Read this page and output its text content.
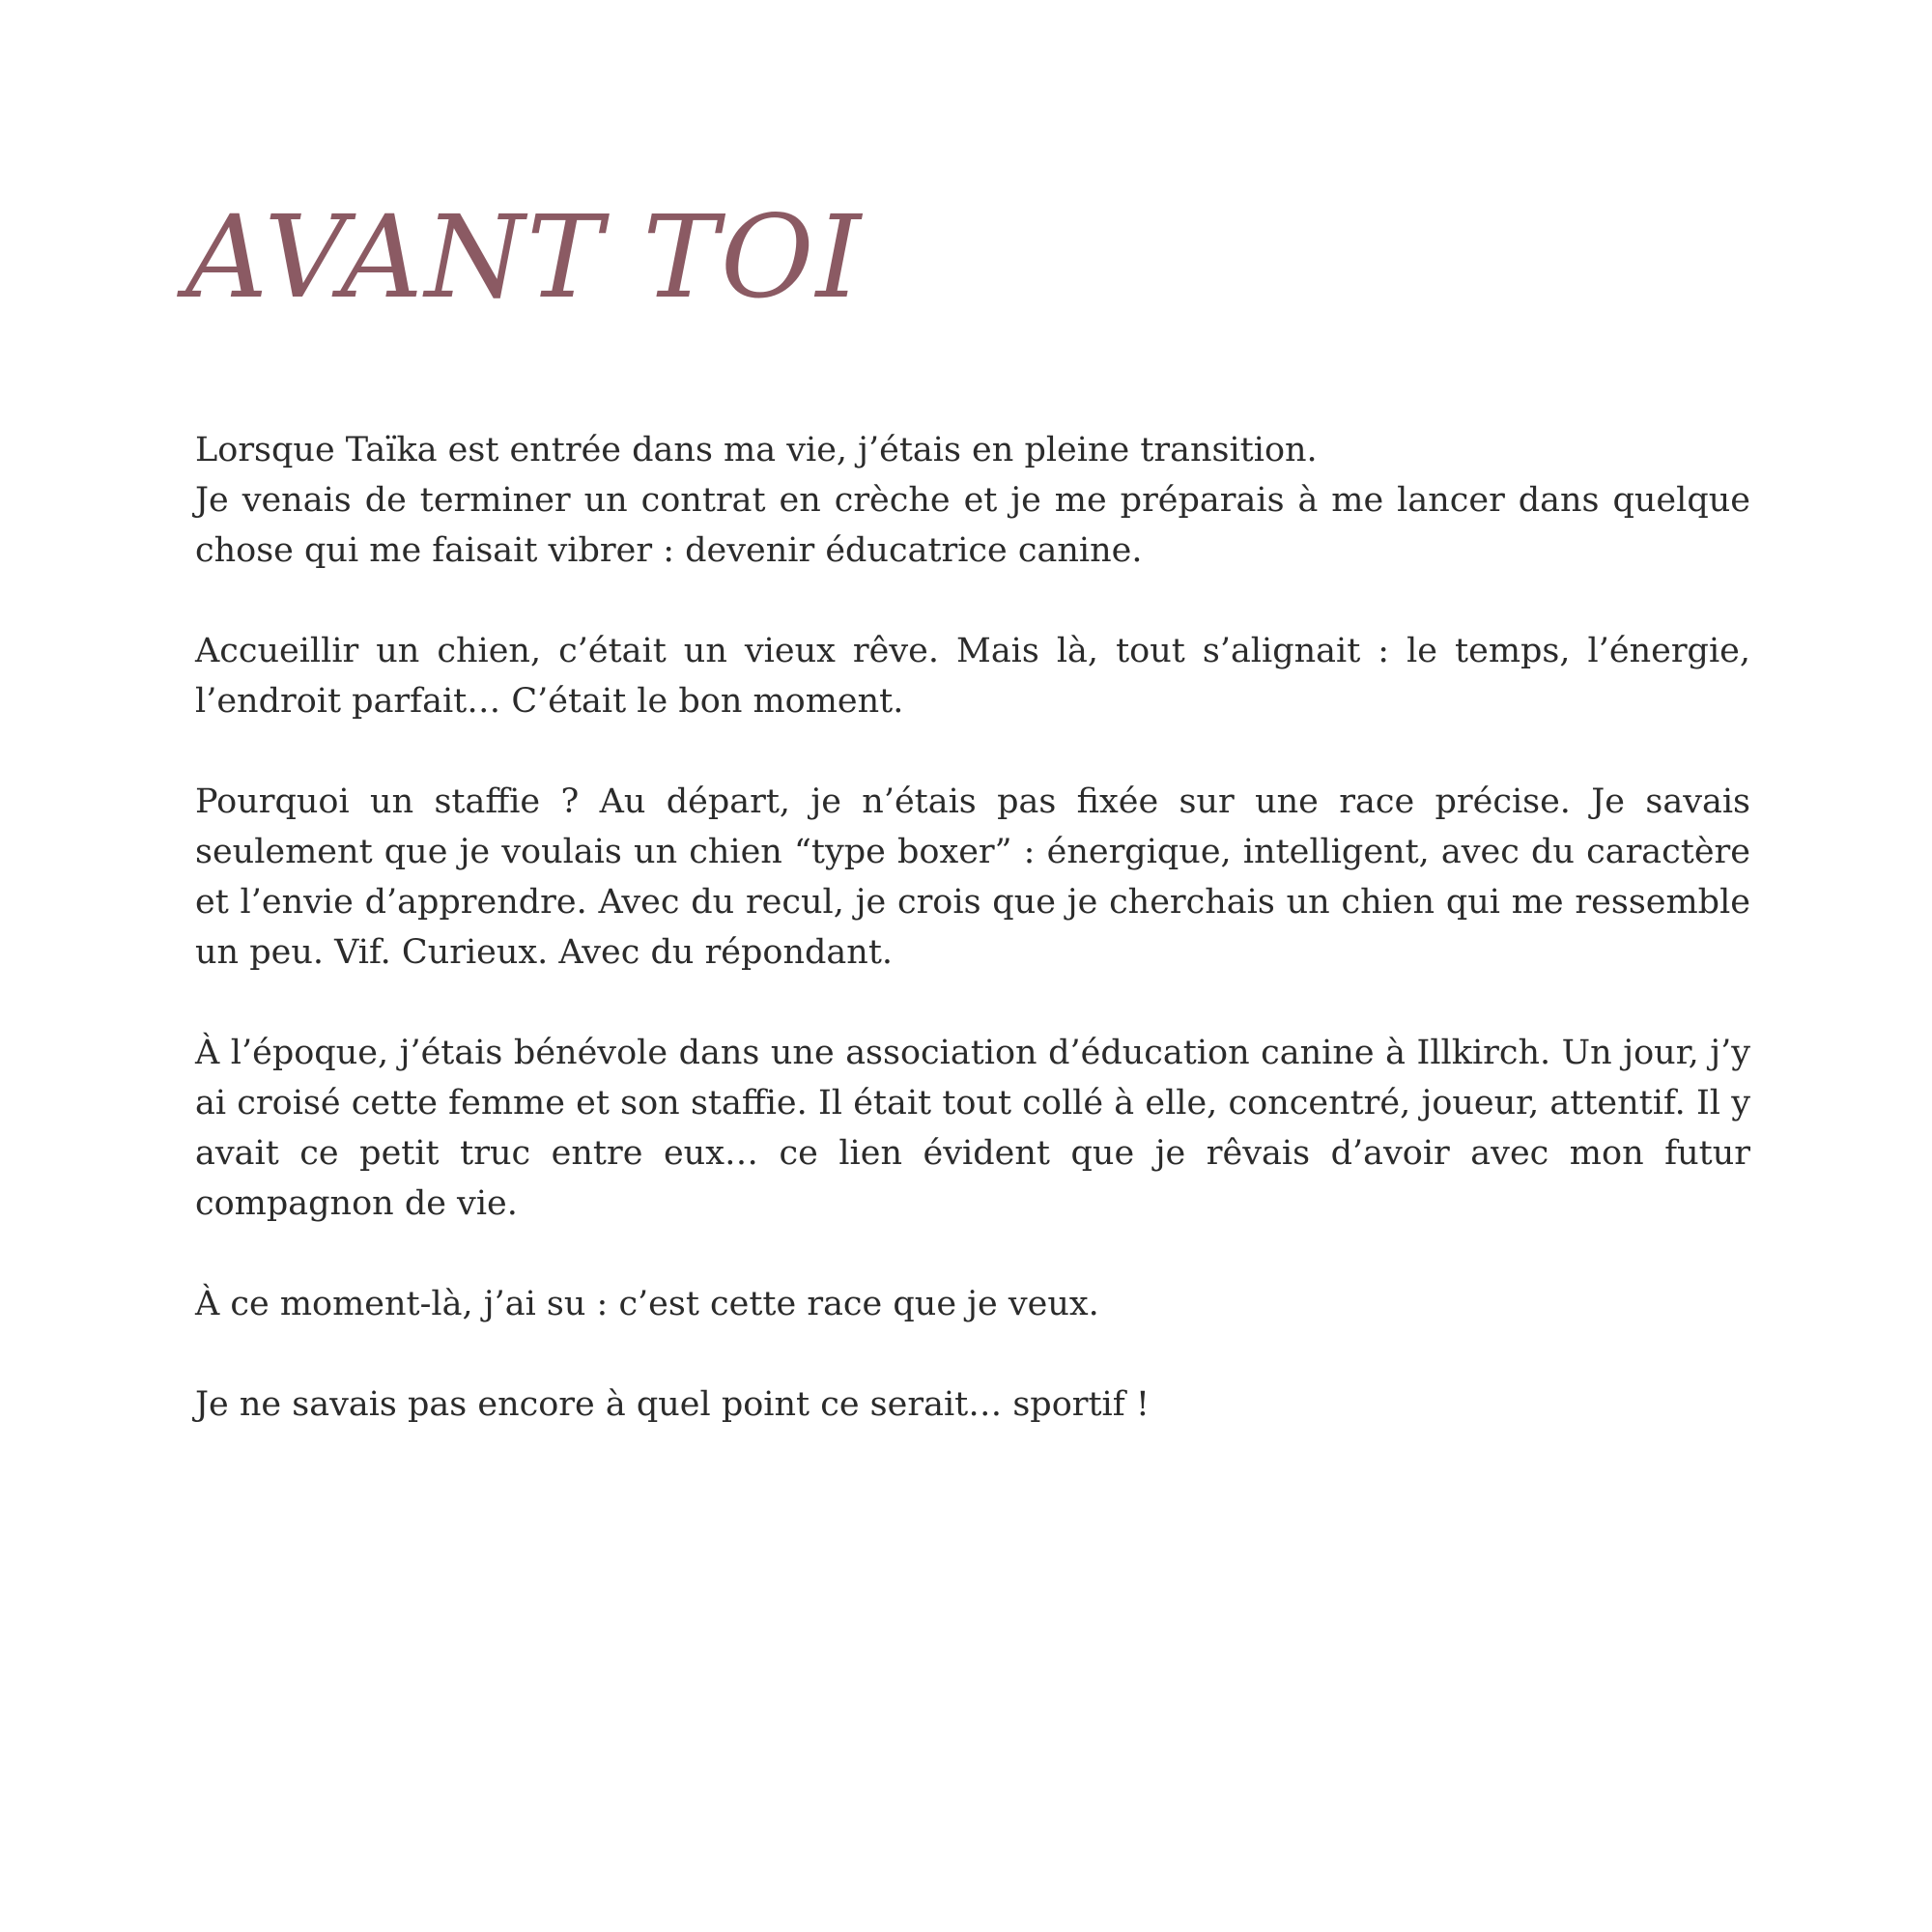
AVANT TOI

Lorsque Taïka est entrée dans ma vie, j’étais en pleine transition.
Je venais de terminer un contrat en crèche et je me préparais à me lancer dans quelque chose qui me faisait vibrer : devenir éducatrice canine.

Accueillir un chien, c’était un vieux rêve. Mais là, tout s’alignait : le temps, l’énergie, l’endroit parfait… C’était le bon moment.

Pourquoi un staffie ? Au départ, je n’étais pas fixée sur une race précise. Je savais seulement que je voulais un chien “type boxer” : énergique, intelligent, avec du caractère et l’envie d’apprendre. Avec du recul, je crois que je cherchais un chien qui me ressemble un peu. Vif. Curieux. Avec du répondant.

À l’époque, j’étais bénévole dans une association d’éducation canine à Illkirch. Un jour, j’y ai croisé cette femme et son staffie. Il était tout collé à elle, concentré, joueur, attentif. Il y avait ce petit truc entre eux… ce lien évident que je rêvais d’avoir avec mon futur compagnon de vie.

À ce moment-là, j’ai su : c’est cette race que je veux.

Je ne savais pas encore à quel point ce serait… sportif !
